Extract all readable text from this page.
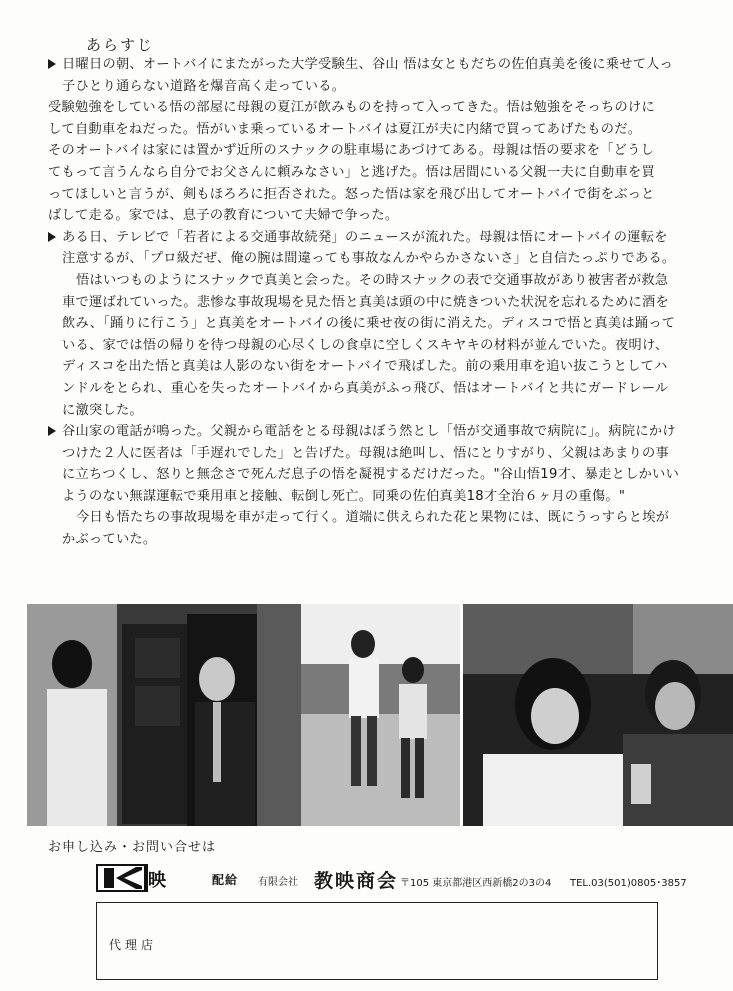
あらすじ

日曜日の朝、オートバイにまたがった大学受験生、谷山 悟は女ともだちの佐伯真美を後に乗せて人っ
子ひとり通らない道路を爆音高く走っている。

受験勉強をしている悟の部屋に母親の夏江が飲みものを持って入ってきた。悟は勉強をそっちのけに
して自動車をねだった。悟がいま乗っているオートバイは夏江が夫に内緒で買ってあげたものだ。
そのオートバイは家には置かず近所のスナックの駐車場にあづけてある。母親は悟の要求を「どうし
てもって言うんなら自分でお父さんに頼みなさい」と逃げた。悟は居間にいる父親一夫に自動車を買
ってほしいと言うが、剣もほろろに拒否された。怒った悟は家を飛び出してオートバイで街をぶっと
ばして走る。家では、息子の教育について夫婦で争った。

ある日、テレビで「若者による交通事故続発」のニュースが流れた。母親は悟にオートバイの運転を
注意するが、「プロ級だぜ、俺の腕は間違っても事故なんかやらかさないさ」と自信たっぷりである。

悟はいつものようにスナックで真美と会った。その時スナックの表で交通事故があり被害者が救急
車で運ばれていった。悲惨な事故現場を見た悟と真美は頭の中に焼きついた状況を忘れるために酒を
飲み、「踊りに行こう」と真美をオートバイの後に乗せ夜の街に消えた。ディスコで悟と真美は踊って
いる、家では悟の帰りを待つ母親の心尽くしの食卓に空しくスキヤキの材料が並んでいた。夜明け、
ディスコを出た悟と真美は人影のない街をオートバイで飛ばした。前の乗用車を追い抜こうとしてハ
ンドルをとられ、重心を失ったオートバイから真美がふっ飛び、悟はオートバイと共にガードレール
に激突した。

谷山家の電話が鳴った。父親から電話をとる母親はぼう然とし「悟が交通事故で病院に」。病院にかけ
つけた２人に医者は「手遅れでした」と告げた。母親は絶叫し、悟にとりすがり、父親はあまりの事
に立ちつくし、怒りと無念さで死んだ息子の悟を凝視するだけだった。"谷山悟19才、暴走としかいい
ようのない無謀運転で乗用車と接触、転倒し死亡。同乗の佐伯真美18才全治６ヶ月の重傷。"

今日も悟たちの事故現場を車が走って行く。道端に供えられた花と果物には、既にうっすらと埃が
かぶっていた。

お申し込み・お問い合せは
映	配給 有限会社 教映商会 〒105 東京都港区西新橋2の3の4 TEL.03(501)0805･3857
代理店
